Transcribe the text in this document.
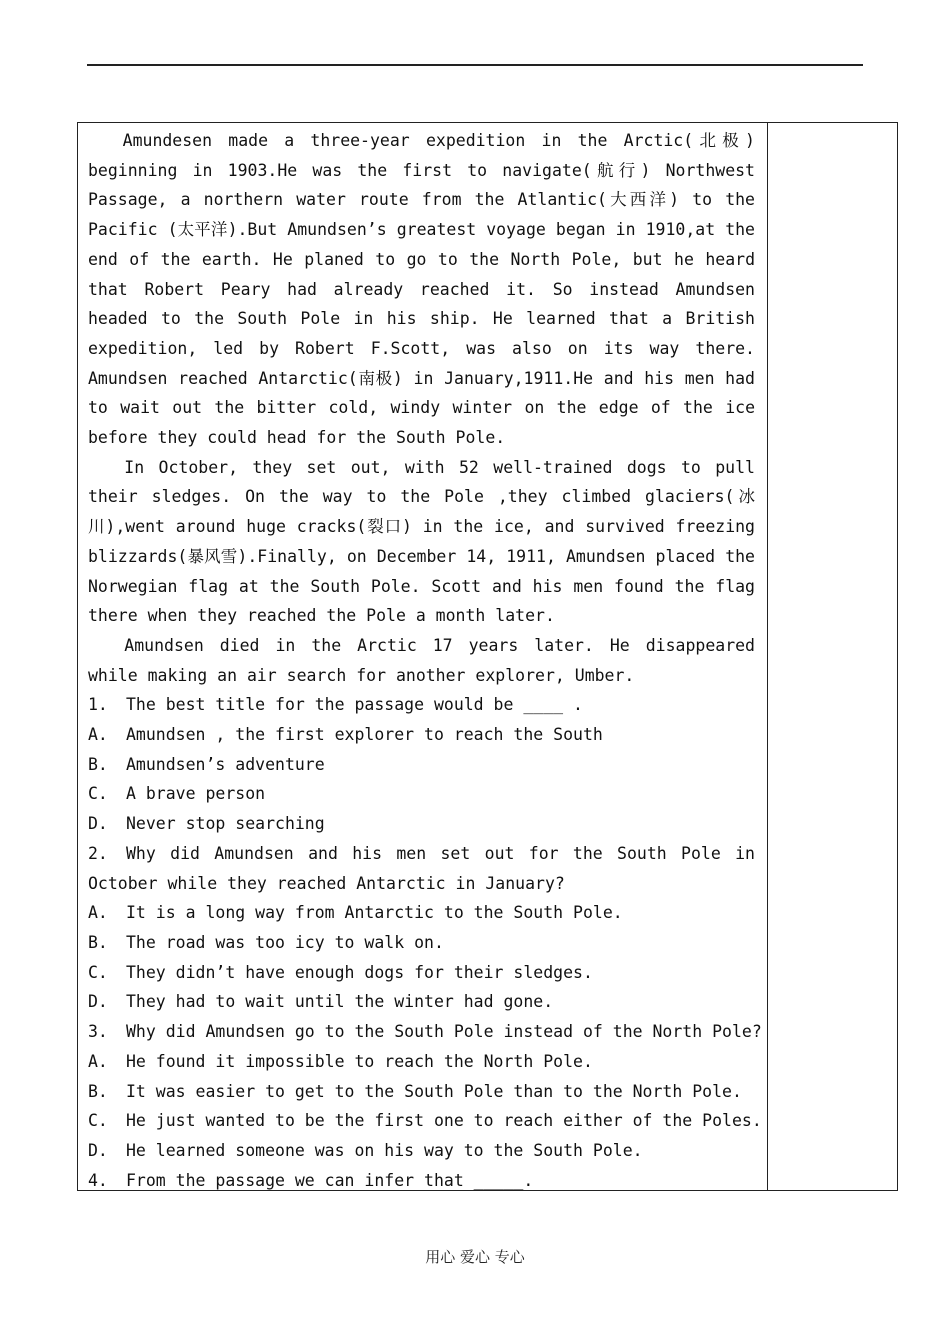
Amundesen made a three-year expedition in the Arctic(北极) beginning in 1903.He was the first to navigate(航行) Northwest Passage, a northern water route from the Atlantic(大西洋) to the Pacific (太平洋).But Amundsen’s greatest voyage began in 1910,at the end of the earth. He planed to go to the North Pole, but he heard that Robert Peary had already reached it. So instead Amundsen headed to the South Pole in his ship. He learned that a British expedition, led by Robert F.Scott, was also on its way there. Amundsen reached Antarctic(南极) in January,1911.He and his men had to wait out the bitter cold, windy winter on the edge of the ice before they could head for the South Pole.

In October, they set out, with 52 well-trained dogs to pull their sledges. On the way to the Pole ,they climbed glaciers(冰川),went around huge cracks(裂口) in the ice, and survived freezing blizzards(暴风雪).Finally, on December 14, 1911, Amundsen placed the Norwegian flag at the South Pole. Scott and his men found the flag there when they reached the Pole a month later.

Amundsen died in the Arctic 17 years later. He disappeared while making an air search for another explorer, Umber.

1. The best title for the passage would be ____ .

A. Amundsen , the first explorer to reach the South

B. Amundsen’s adventure

C. A brave person

D. Never stop searching

2. Why did Amundsen and his men set out for the South Pole in October while they reached Antarctic in January?

A. It is a long way from Antarctic to the South Pole.

B. The road was too icy to walk on.

C. They didn’t have enough dogs for their sledges.

D. They had to wait until the winter had gone.

3. Why did Amundsen go to the South Pole instead of the North Pole?

A. He found it impossible to reach the North Pole.

B. It was easier to get to the South Pole than to the North Pole.

C. He just wanted to be the first one to reach either of the Poles.

D. He learned someone was on his way to the South Pole.

4. From the passage we can infer that _____.

用心 爱心 专心
